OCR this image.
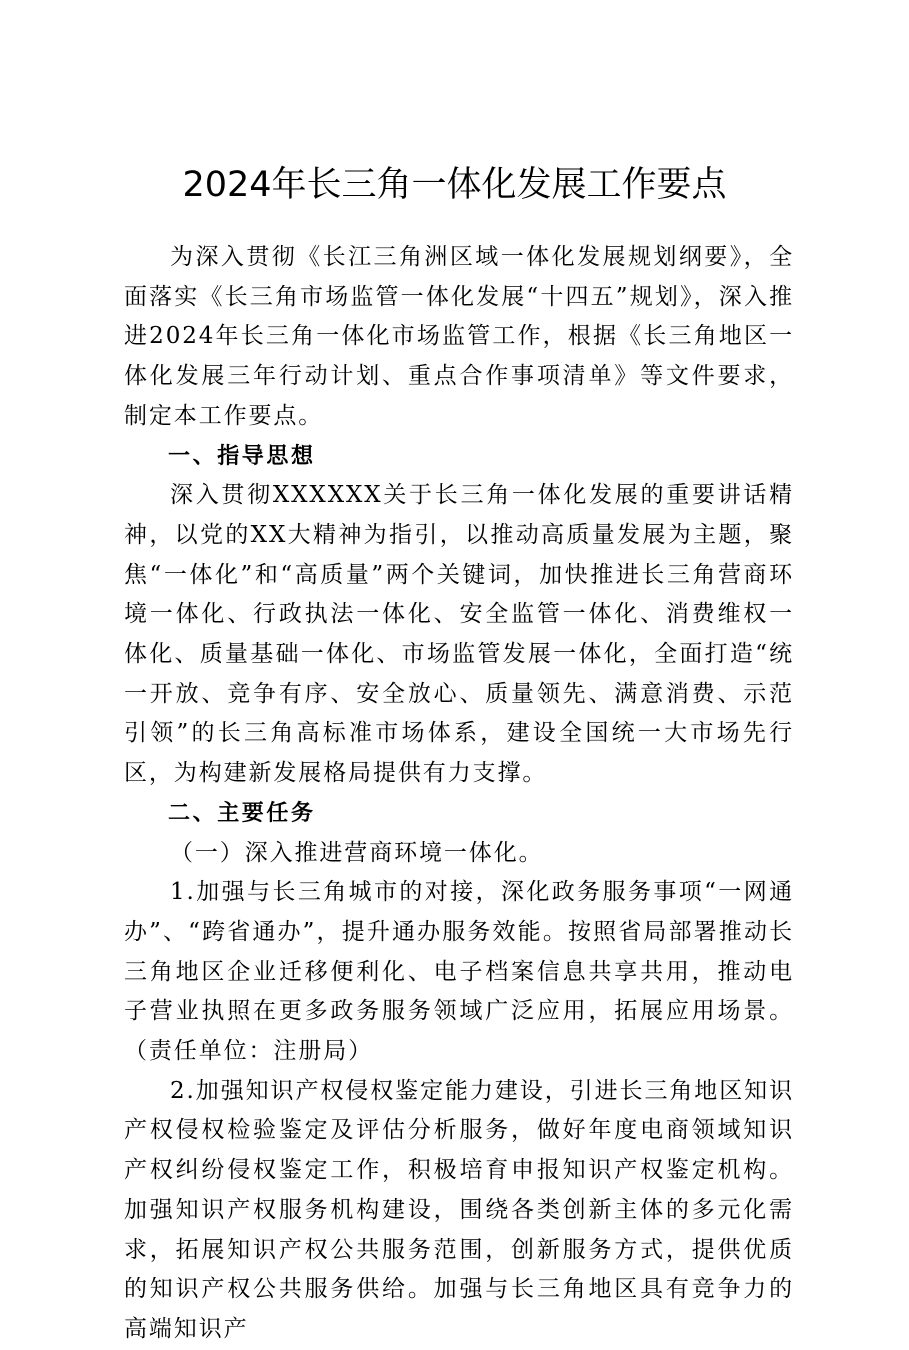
2024年长三角一体化发展工作要点

为深入贯彻《长江三角洲区域一体化发展规划纲要》，全面落实《长三角市场监管一体化发展“十四五”规划》，深入推进2024年长三角一体化市场监管工作，根据《长三角地区一体化发展三年行动计划、重点合作事项清单》等文件要求，制定本工作要点。

一、指导思想

深入贯彻XXXXXX关于长三角一体化发展的重要讲话精神，以党的XX大精神为指引，以推动高质量发展为主题，聚焦“一体化”和“高质量”两个关键词，加快推进长三角营商环境一体化、行政执法一体化、安全监管一体化、消费维权一体化、质量基础一体化、市场监管发展一体化，全面打造“统一开放、竞争有序、安全放心、质量领先、满意消费、示范引领”的长三角高标准市场体系，建设全国统一大市场先行区，为构建新发展格局提供有力支撑。

二、主要任务

（一）深入推进营商环境一体化。

1.加强与长三角城市的对接，深化政务服务事项“一网通办”、“跨省通办”，提升通办服务效能。按照省局部署推动长三角地区企业迁移便利化、电子档案信息共享共用，推动电子营业执照在更多政务服务领域广泛应用，拓展应用场景。（责任单位：注册局）

2.加强知识产权侵权鉴定能力建设，引进长三角地区知识产权侵权检验鉴定及评估分析服务，做好年度电商领域知识产权纠纷侵权鉴定工作，积极培育申报知识产权鉴定机构。加强知识产权服务机构建设，围绕各类创新主体的多元化需求，拓展知识产权公共服务范围，创新服务方式，提供优质的知识产权公共服务供给。加强与长三角地区具有竞争力的高端知识产
